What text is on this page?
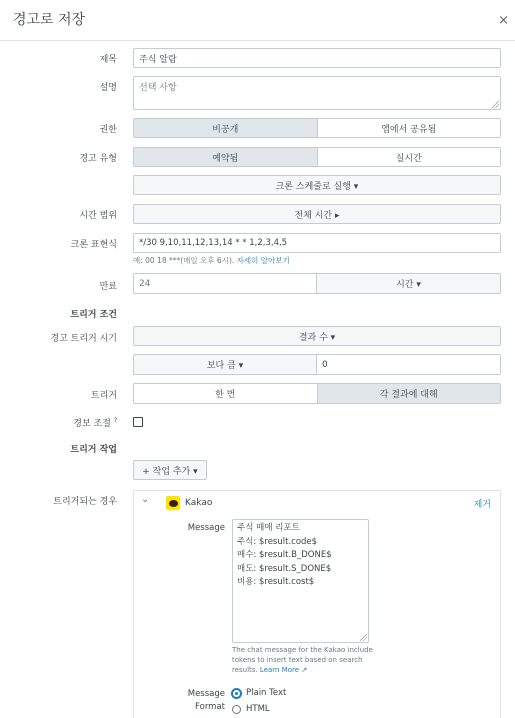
경고로 저장	×
제목 주식 알람
설명	선택 사항
권한	비공개	앱에서 공유됨
경고 유형	예약됨	실시간
크론 스케줄로 실행 ▾
시간 범위	전체 시간 ▸
크론 표현식	*/30 9,10,11,12,13,14 * * 1,2,3,4,5
예: 00 18 ***(매일 오후 6시). 자세히 알아보기
만료 24	시간 ▾
트리거 조건
경고 트리거 시기	결과 수 ▾
보다 큼 ▾	0
트리거	한 번	각 결과에 대해
경보 조절 ?
트리거 작업
+ 작업 추가 ▾
트리거되는 경우 ⌄	Kakao	제거
Message 주식 매매 리포트
주식: $result.code$
매수: $result.B_DONE$
매도: $result.S_DONE$
비용: $result.cost$
The chat message for the Kakao include
tokens to insert text based on search
results. Learn More ↗
Message
Format
Plain Text
HTML
